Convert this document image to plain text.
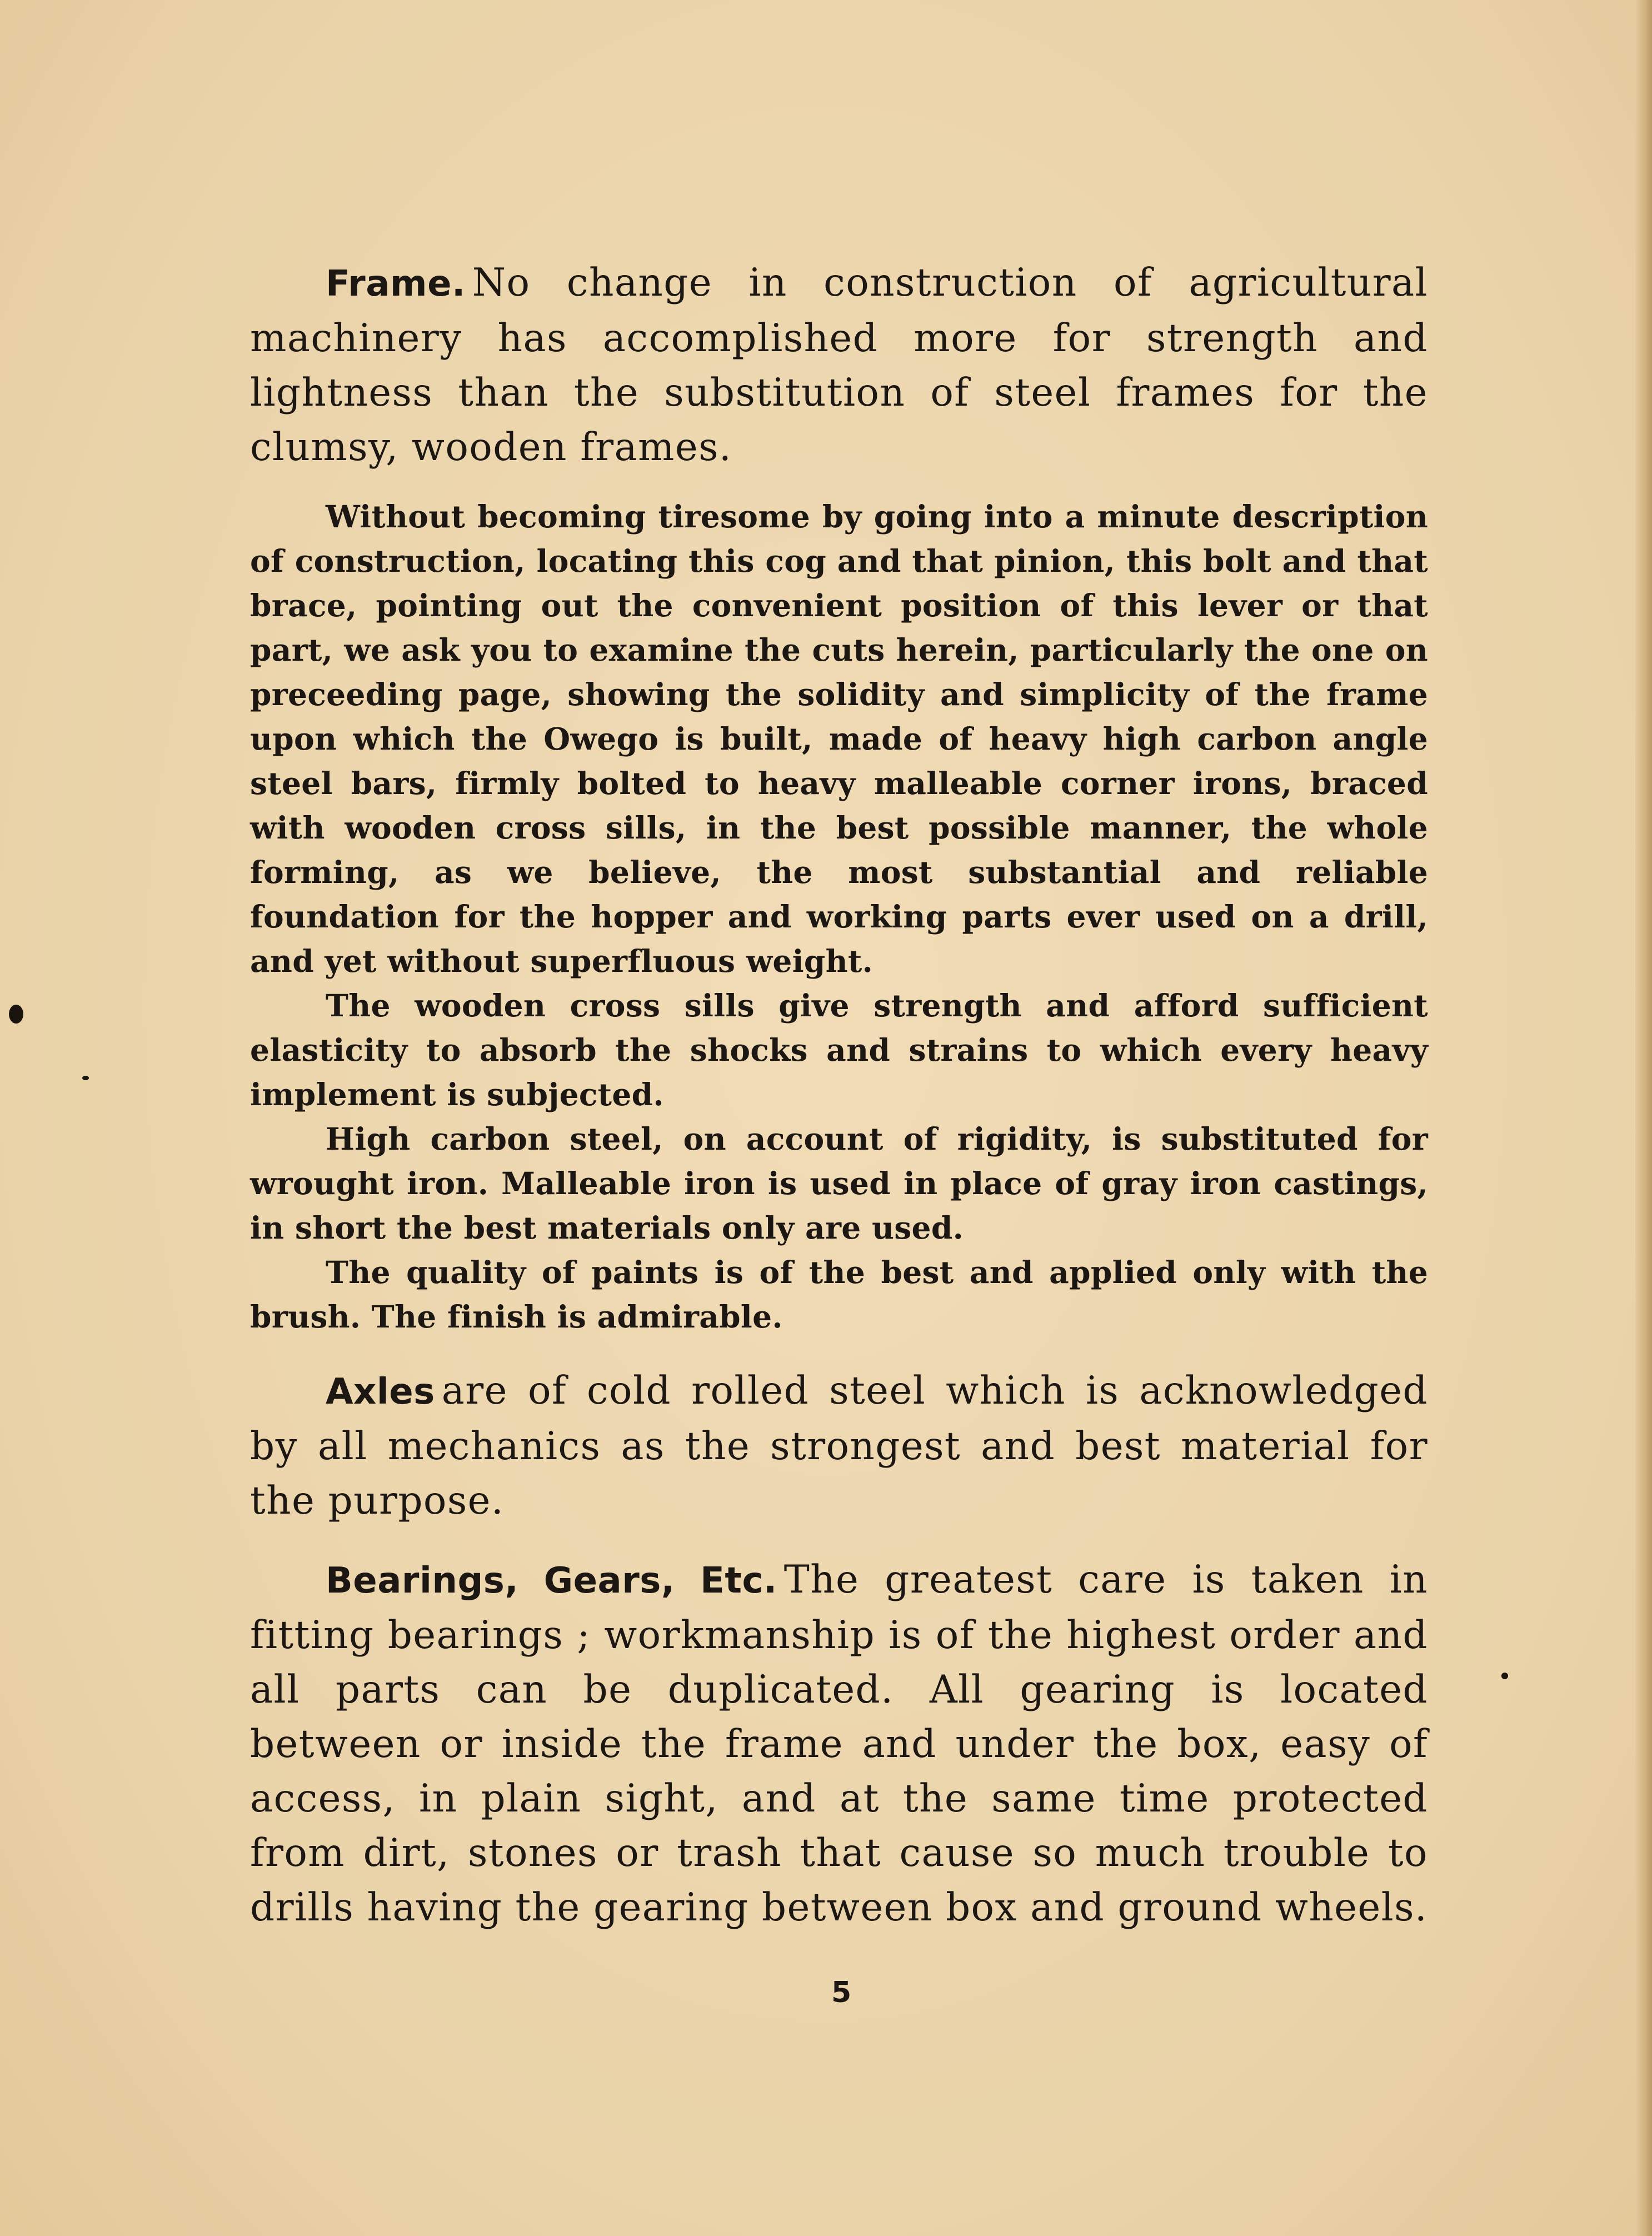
Frame. No change in construction of agricultural machinery has accomplished more for strength and lightness than the substitution of steel frames for the clumsy, wooden frames.

Without becoming tiresome by going into a minute description of construction, locating this cog and that pinion, this bolt and that brace, pointing out the convenient position of this lever or that part, we ask you to examine the cuts herein, particularly the one on preceeding page, showing the solidity and simplicity of the frame upon which the Owego is built, made of heavy high carbon angle steel bars, firmly bolted to heavy malleable corner irons, braced with wooden cross sills, in the best possible manner, the whole forming, as we believe, the most substantial and reliable foundation for the hopper and working parts ever used on a drill, and yet without superfluous weight.

The wooden cross sills give strength and afford sufficient elasticity to absorb the shocks and strains to which every heavy implement is subjected.

High carbon steel, on account of rigidity, is substituted for wrought iron. Malleable iron is used in place of gray iron castings, in short the best materials only are used.

The quality of paints is of the best and applied only with the brush. The finish is admirable.

Axles are of cold rolled steel which is acknowledged by all mechanics as the strongest and best material for the purpose.

Bearings, Gears, Etc. The greatest care is taken in fitting bearings ; workmanship is of the highest order and all parts can be duplicated. All gearing is located between or inside the frame and under the box, easy of access, in plain sight, and at the same time protected from dirt, stones or trash that cause so much trouble to drills having the gearing between box and ground wheels.

5
